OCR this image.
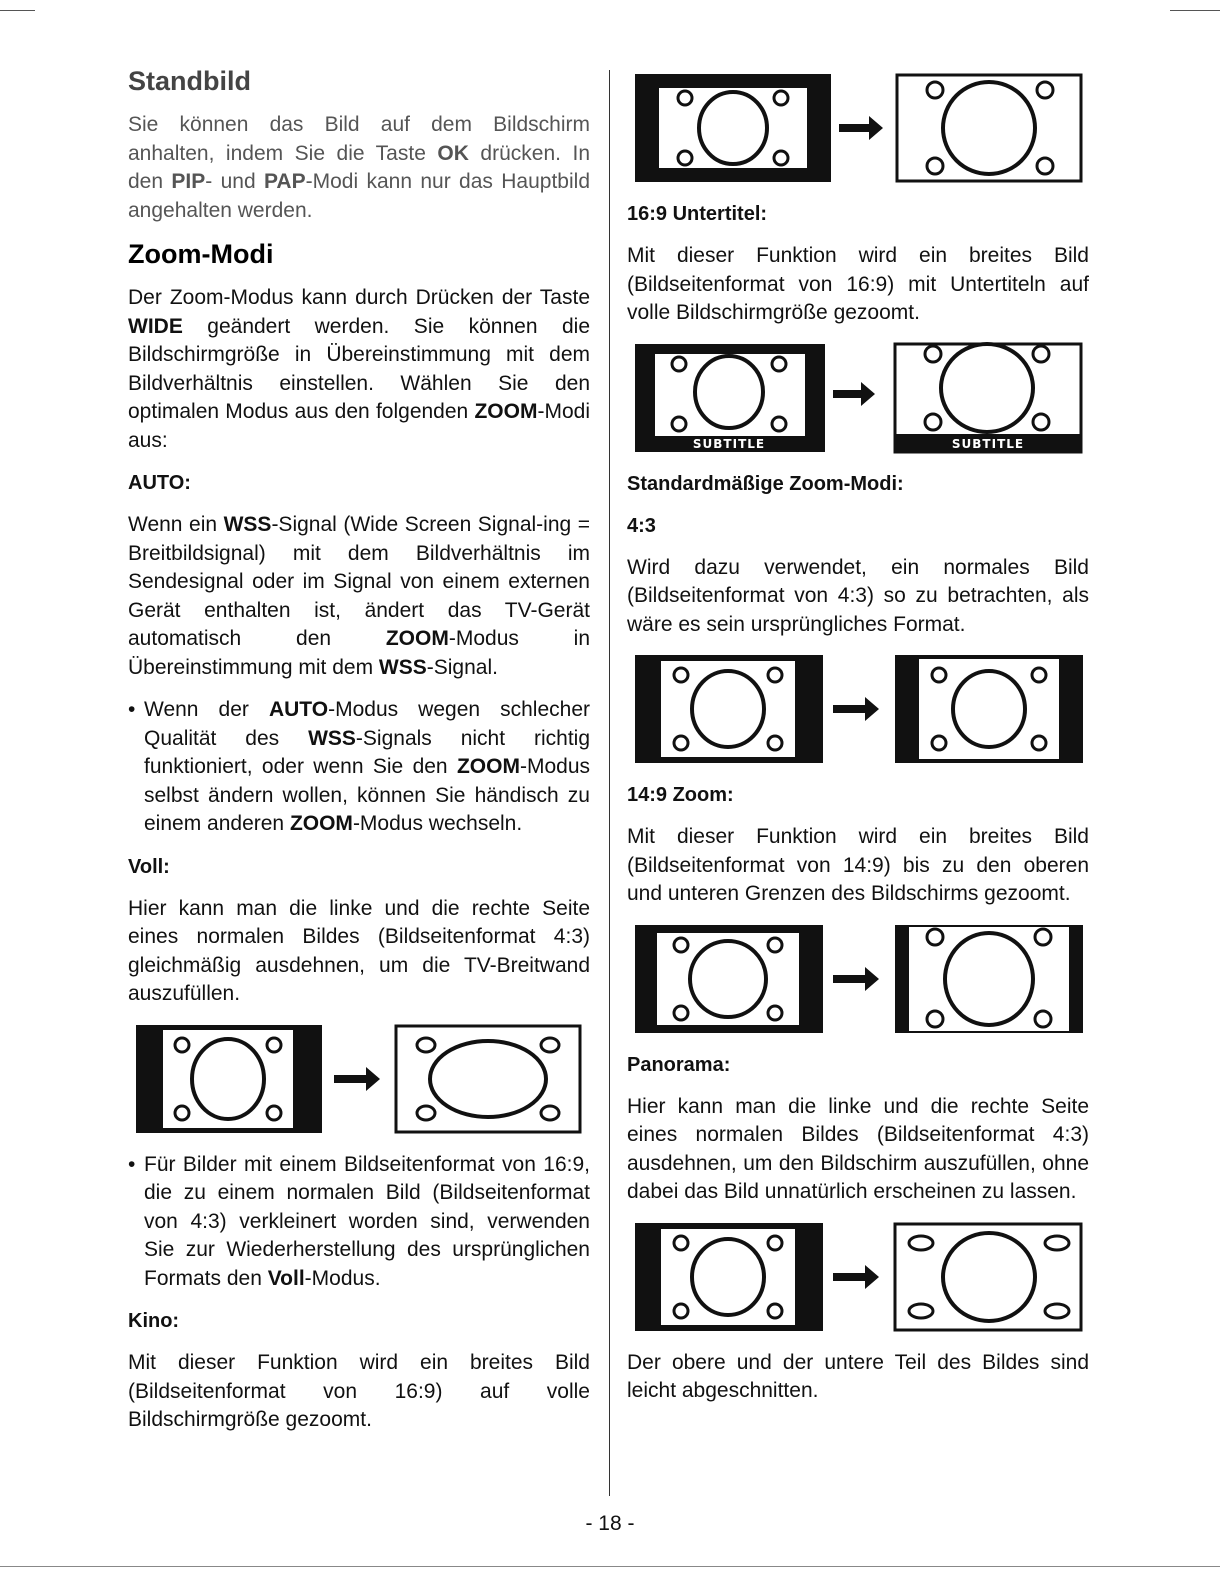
Standbild

Sie können das Bild auf dem Bildschirm anhalten, indem Sie die Taste OK drücken. In den PIP- und PAP-Modi kann nur das Hauptbild angehalten werden.

Zoom-Modi

Der Zoom-Modus kann durch Drücken der Taste WIDE geändert werden. Sie können die Bildschirmgröße in Übereinstimmung mit dem Bildverhältnis einstellen. Wählen Sie den optimalen Modus aus den folgenden ZOOM-Modi aus:

AUTO:

Wenn ein WSS-Signal (Wide Screen Signal-ing = Breitbildsignal) mit dem Bildverhältnis im Sendesignal oder im Signal von einem externen Gerät enthalten ist, ändert das TV-Gerät automatisch den ZOOM-Modus in Übereinstimmung mit dem WSS-Signal.

• Wenn der AUTO-Modus wegen schlecher Qualität des WSS-Signals nicht richtig funktioniert, oder wenn Sie den ZOOM-Modus selbst ändern wollen, können Sie händisch zu einem anderen ZOOM-Modus wechseln.

Voll:

Hier kann man die linke und die rechte Seite eines normalen Bildes (Bildseitenformat 4:3) gleichmäßig ausdehnen, um die TV-Breitwand auszufüllen.

• Für Bilder mit einem Bildseitenformat von 16:9, die zu einem normalen Bild (Bildseitenformat von 4:3) verkleinert worden sind, verwenden Sie zur Wiederherstellung des ursprünglichen Formats den Voll-Modus.

Kino:

Mit dieser Funktion wird ein breites Bild (Bildseitenformat von 16:9) auf volle Bildschirmgröße gezoomt.

16:9 Untertitel:

Mit dieser Funktion wird ein breites Bild (Bildseitenformat von 16:9) mit Untertiteln auf volle Bildschirmgröße gezoomt.

SUBTITLE	SUBTITLE
Standardmäßige Zoom-Modi:
4:3

Wird dazu verwendet, ein normales Bild (Bildseitenformat von 4:3) so zu betrachten, als wäre es sein ursprüngliches Format.

14:9 Zoom:

Mit dieser Funktion wird ein breites Bild (Bildseitenformat von 14:9) bis zu den oberen und unteren Grenzen des Bildschirms gezoomt.

Panorama:

Hier kann man die linke und die rechte Seite eines normalen Bildes (Bildseitenformat 4:3) ausdehnen, um den Bildschirm auszufüllen, ohne dabei das Bild unnatürlich erscheinen zu lassen.

Der obere und der untere Teil des Bildes sind leicht abgeschnitten.

- 18 -
